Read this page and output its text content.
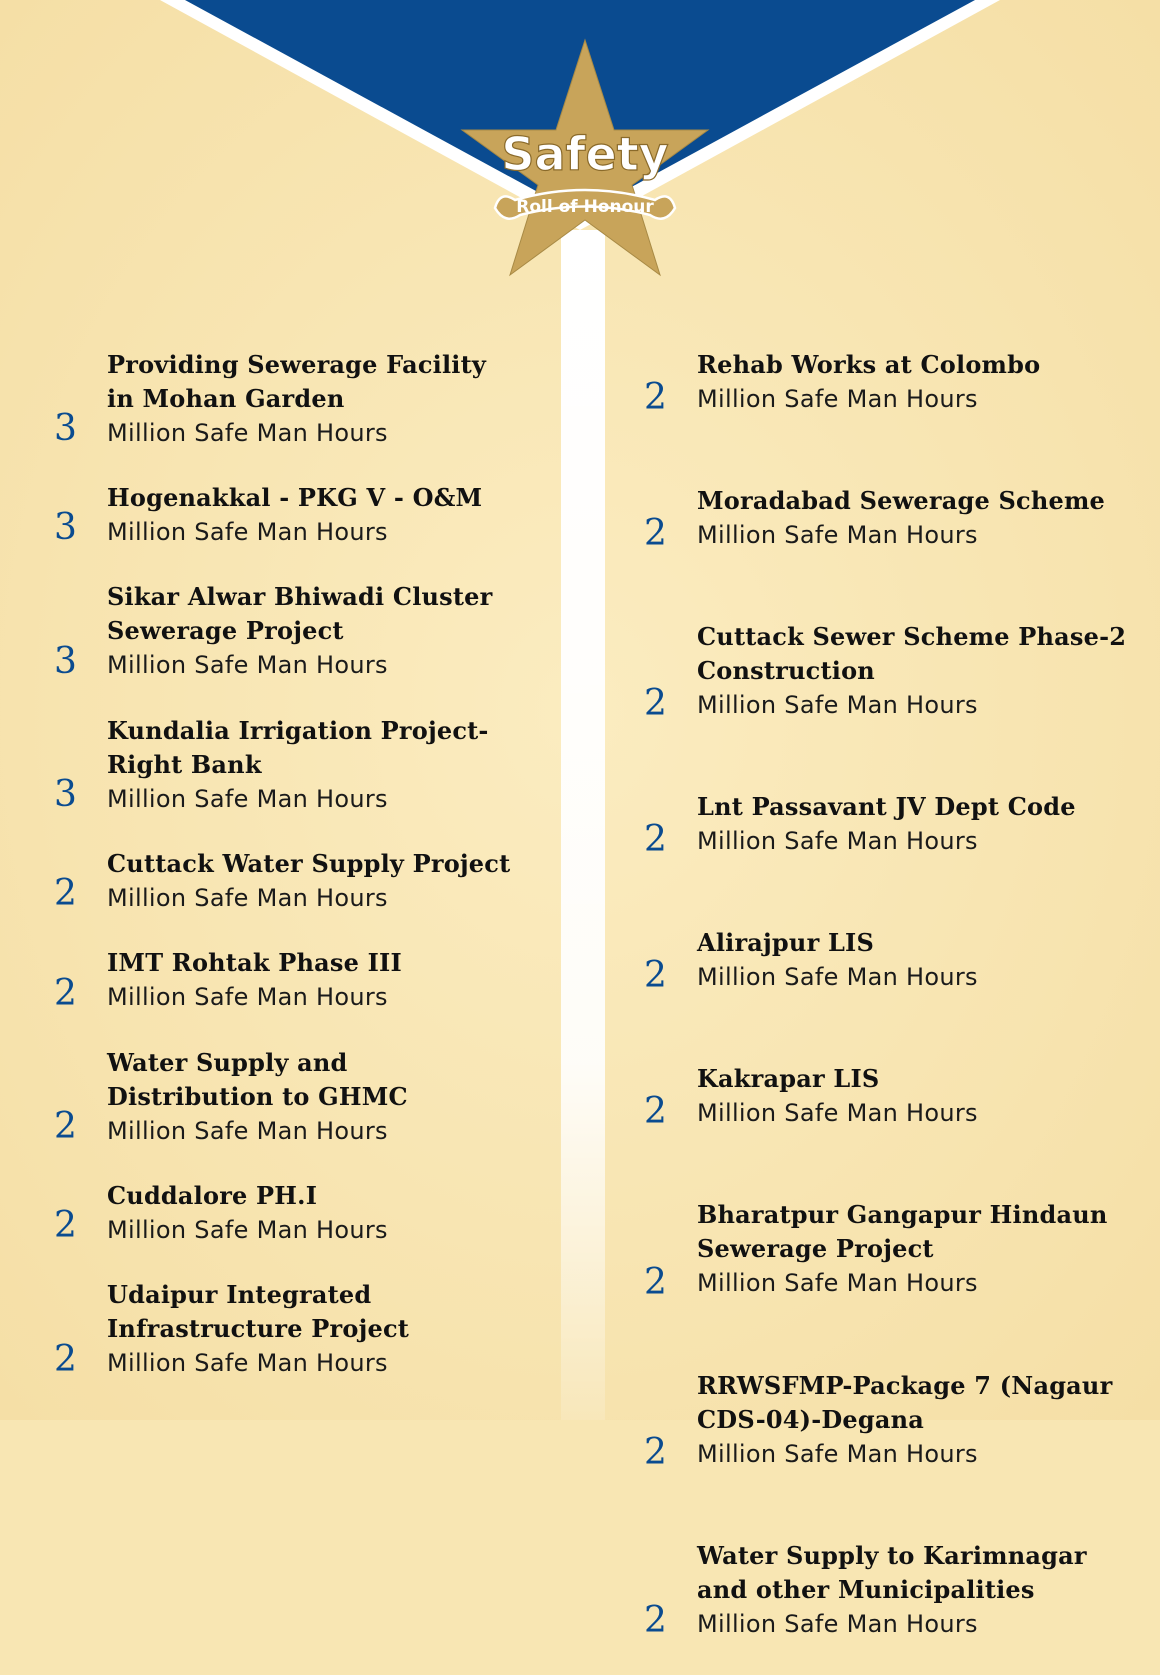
Safety
Roll of Honour
Providing Sewerage Facility in Mohan Garden
Million Safe Man Hours
3
Hogenakkal - PKG V - O&M
Million Safe Man Hours
3
Sikar Alwar Bhiwadi Cluster Sewerage Project
Million Safe Man Hours
3
Kundalia Irrigation Project-Right Bank
Million Safe Man Hours
3
Cuttack Water Supply Project
Million Safe Man Hours
2
IMT Rohtak Phase III
Million Safe Man Hours
2
Water Supply and Distribution to GHMC
Million Safe Man Hours
2
Cuddalore PH.I
Million Safe Man Hours
2
Udaipur Integrated Infrastructure Project
Million Safe Man Hours
2
Rehab Works at Colombo
Million Safe Man Hours
2
Moradabad Sewerage Scheme
Million Safe Man Hours
2
Cuttack Sewer Scheme Phase-2 Construction
Million Safe Man Hours
2
Lnt Passavant JV Dept Code
Million Safe Man Hours
2
Alirajpur LIS
Million Safe Man Hours
2
Kakrapar LIS
Million Safe Man Hours
2
Bharatpur Gangapur Hindaun Sewerage Project
Million Safe Man Hours
2
RRWSFMP-Package 7 (Nagaur CDS-04)-Degana
Million Safe Man Hours
2
Water Supply to Karimnagar and other Municipalities
Million Safe Man Hours
2
